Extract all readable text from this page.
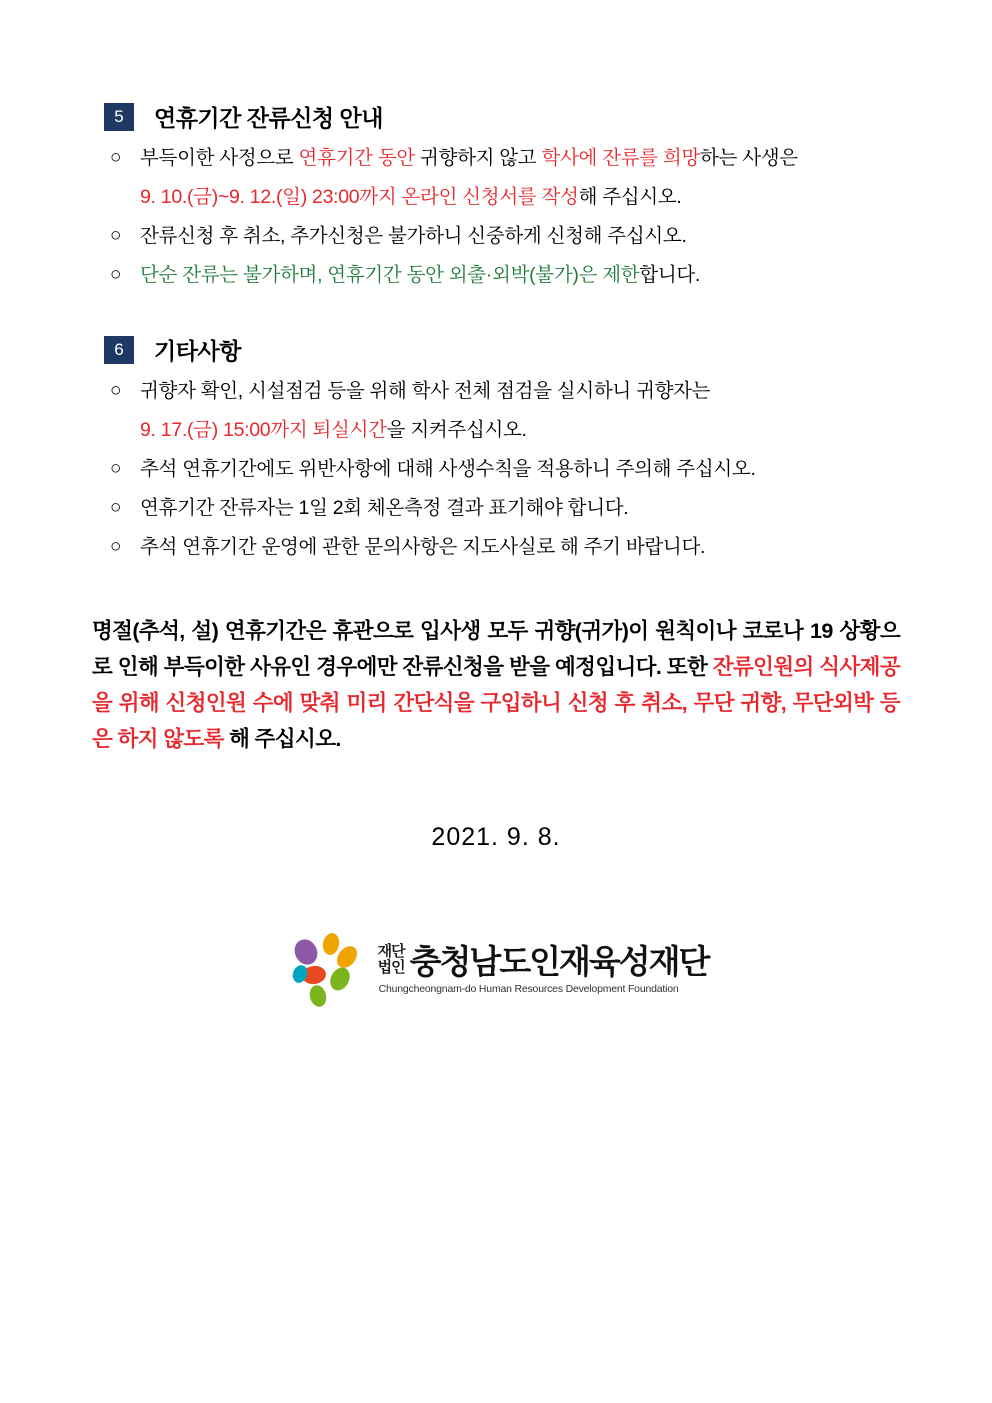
5	연휴기간 잔류신청 안내
○ 부득이한 사정으로 연휴기간 동안 귀향하지 않고 학사에 잔류를 희망하는 사생은
9. 10.(금)~9. 12.(일) 23:00까지 온라인 신청서를 작성해 주십시오.
○ 잔류신청 후 취소, 추가신청은 불가하니 신중하게 신청해 주십시오.
○ 단순 잔류는 불가하며, 연휴기간 동안 외출·외박(불가)은 제한합니다.
6	기타사항
○ 귀향자 확인, 시설점검 등을 위해 학사 전체 점검을 실시하니 귀향자는
9. 17.(금) 15:00까지 퇴실시간을 지켜주십시오.
○ 추석 연휴기간에도 위반사항에 대해 사생수칙을 적용하니 주의해 주십시오.
○ 연휴기간 잔류자는 1일 2회 체온측정 결과 표기해야 합니다.
○ 추석 연휴기간 운영에 관한 문의사항은 지도사실로 해 주기 바랍니다.
명절(추석, 설) 연휴기간은 휴관으로 입사생 모두 귀향(귀가)이 원칙이나 코로나 19 상황으로 인해 부득이한 사유인 경우에만 잔류신청을 받을 예정입니다. 또한 잔류인원의 식사제공을 위해 신청인원 수에 맞춰 미리 간단식을 구입하니 신청 후 취소, 무단 귀향, 무단외박 등은 하지 않도록 해 주십시오.
2021. 9. 8.
재단
법인 충청남도인재육성재단
Chungcheongnam-do Human Resources Development Foundation
